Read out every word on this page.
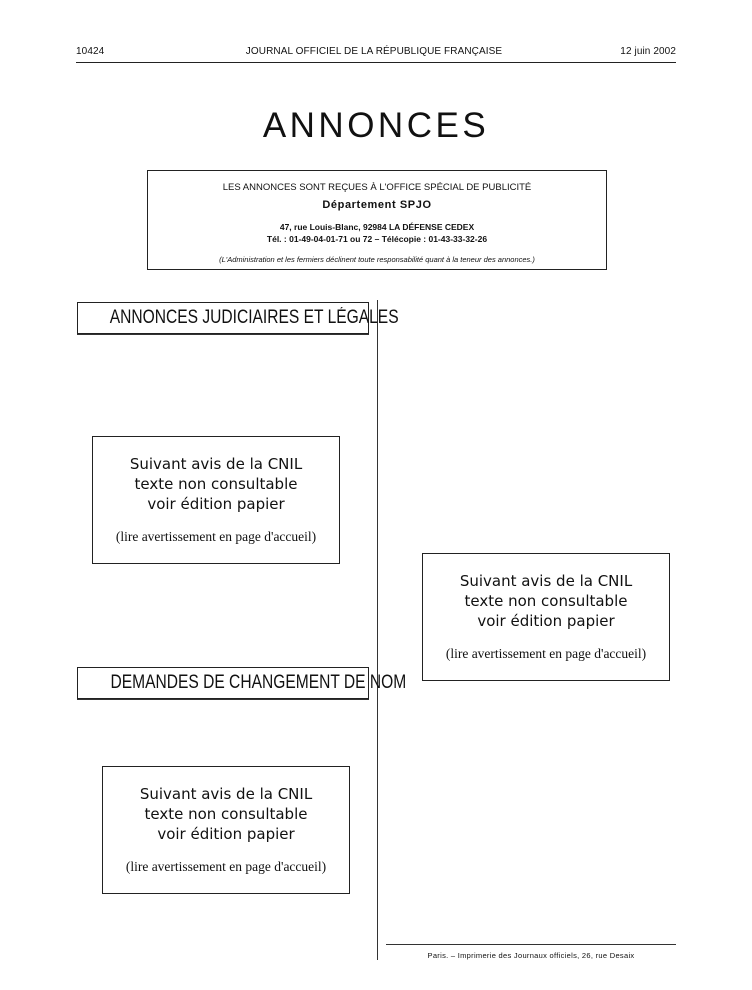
10424	JOURNAL OFFICIEL DE LA RÉPUBLIQUE FRANÇAISE	12 juin 2002
ANNONCES
LES ANNONCES SONT REÇUES À L'OFFICE SPÉCIAL DE PUBLICITÉ
Département SPJO
47, rue Louis-Blanc, 92984 LA DÉFENSE CEDEX
Tél. : 01-49-04-01-71 ou 72 – Télécopie : 01-43-33-32-26
(L'Administration et les fermiers déclinent toute responsabilité quant à la teneur des annonces.)
ANNONCES JUDICIAIRES ET LÉGALES
Suivant avis de la CNIL
texte non consultable
voir édition papier
(lire avertissement en page d'accueil)
Suivant avis de la CNIL
texte non consultable
voir édition papier
(lire avertissement en page d'accueil)
DEMANDES DE CHANGEMENT DE NOM
Suivant avis de la CNIL
texte non consultable
voir édition papier
(lire avertissement en page d'accueil)
Paris. – Imprimerie des Journaux officiels, 26, rue Desaix
